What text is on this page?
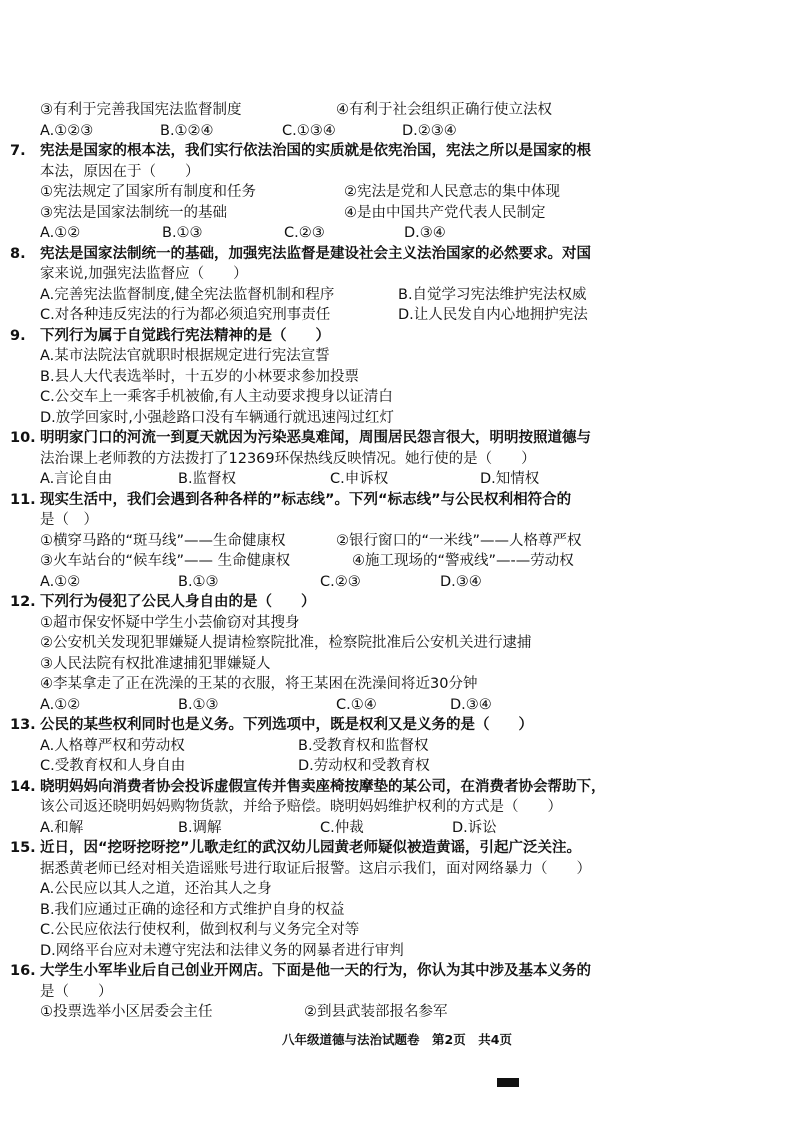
③有利于完善我国宪法监督制度	④有利于社会组织正确行使立法权
A.①②③	B.①②④	C.①③④	D.②③④
7. 宪法是国家的根本法，我们实行依法治国的实质就是依宪治国，宪法之所以是国家的根
本法，原因在于（　　）
①宪法规定了国家所有制度和任务	②宪法是党和人民意志的集中体现
③宪法是国家法制统一的基础	④是由中国共产党代表人民制定
A.①②	B.①③	C.②③	D.③④
8. 宪法是国家法制统一的基础，加强宪法监督是建设社会主义法治国家的必然要求。对国
家来说,加强宪法监督应（　　）
A.完善宪法监督制度,健全宪法监督机制和程序	B.自觉学习宪法维护宪法权威
C.对各种违反宪法的行为都必须追究刑事责任	D.让人民发自内心地拥护宪法
9. 下列行为属于自觉践行宪法精神的是（　　）
A.某市法院法官就职时根据规定进行宪法宣誓
B.县人大代表选举时，十五岁的小林要求参加投票
C.公交车上一乘客手机被偷,有人主动要求搜身以证清白
D.放学回家时,小强趁路口没有车辆通行就迅速闯过红灯
10. 明明家门口的河流一到夏天就因为污染恶臭难闻，周围居民怨言很大，明明按照道德与
法治课上老师教的方法拨打了12369环保热线反映情况。她行使的是（　　）
A.言论自由	B.监督权	C.申诉权	D.知情权
11. 现实生活中，我们会遇到各种各样的”标志线”。下列“标志线”与公民权利相符合的
是（　）
①横穿马路的“斑马线”——生命健康权	②银行窗口的“一米线”——人格尊严权
③火车站台的“候车线”—— 生命健康权	④施工现场的“警戒线”—-—劳动权
A.①②	B.①③	C.②③	D.③④
12. 下列行为侵犯了公民人身自由的是（　　）
①超市保安怀疑中学生小芸偷窃对其搜身
②公安机关发现犯罪嫌疑人提请检察院批准，检察院批准后公安机关进行逮捕
③人民法院有权批准逮捕犯罪嫌疑人
④李某拿走了正在洗澡的王某的衣服，将王某困在洗澡间将近30分钟
A.①②	B.①③	C.①④	D.③④
13. 公民的某些权利同时也是义务。下列选项中，既是权利又是义务的是（　　）
A.人格尊严权和劳动权	B.受教育权和监督权
C.受教育权和人身自由	D.劳动权和受教育权
14. 晓明妈妈向消费者协会投诉虚假宣传并售卖座椅按摩垫的某公司，在消费者协会帮助下，
该公司返还晓明妈妈购物货款，并给予赔偿。晓明妈妈维护权利的方式是（　　）
A.和解	B.调解	C.仲裁	D.诉讼
15. 近日，因“挖呀挖呀挖”儿歌走红的武汉幼儿园黄老师疑似被造黄谣，引起广泛关注。
据悉黄老师已经对相关造谣账号进行取证后报警。这启示我们，面对网络暴力（　　）
A.公民应以其人之道，还治其人之身
B.我们应通过正确的途径和方式维护自身的权益
C.公民应依法行使权利，做到权利与义务完全对等
D.网络平台应对未遵守宪法和法律义务的网暴者进行审判
16. 大学生小军毕业后自己创业开网店。下面是他一天的行为，你认为其中涉及基本义务的
是（　　）
①投票选举小区居委会主任	②到县武装部报名参军
八年级道德与法治试题卷　第2页　共4页
